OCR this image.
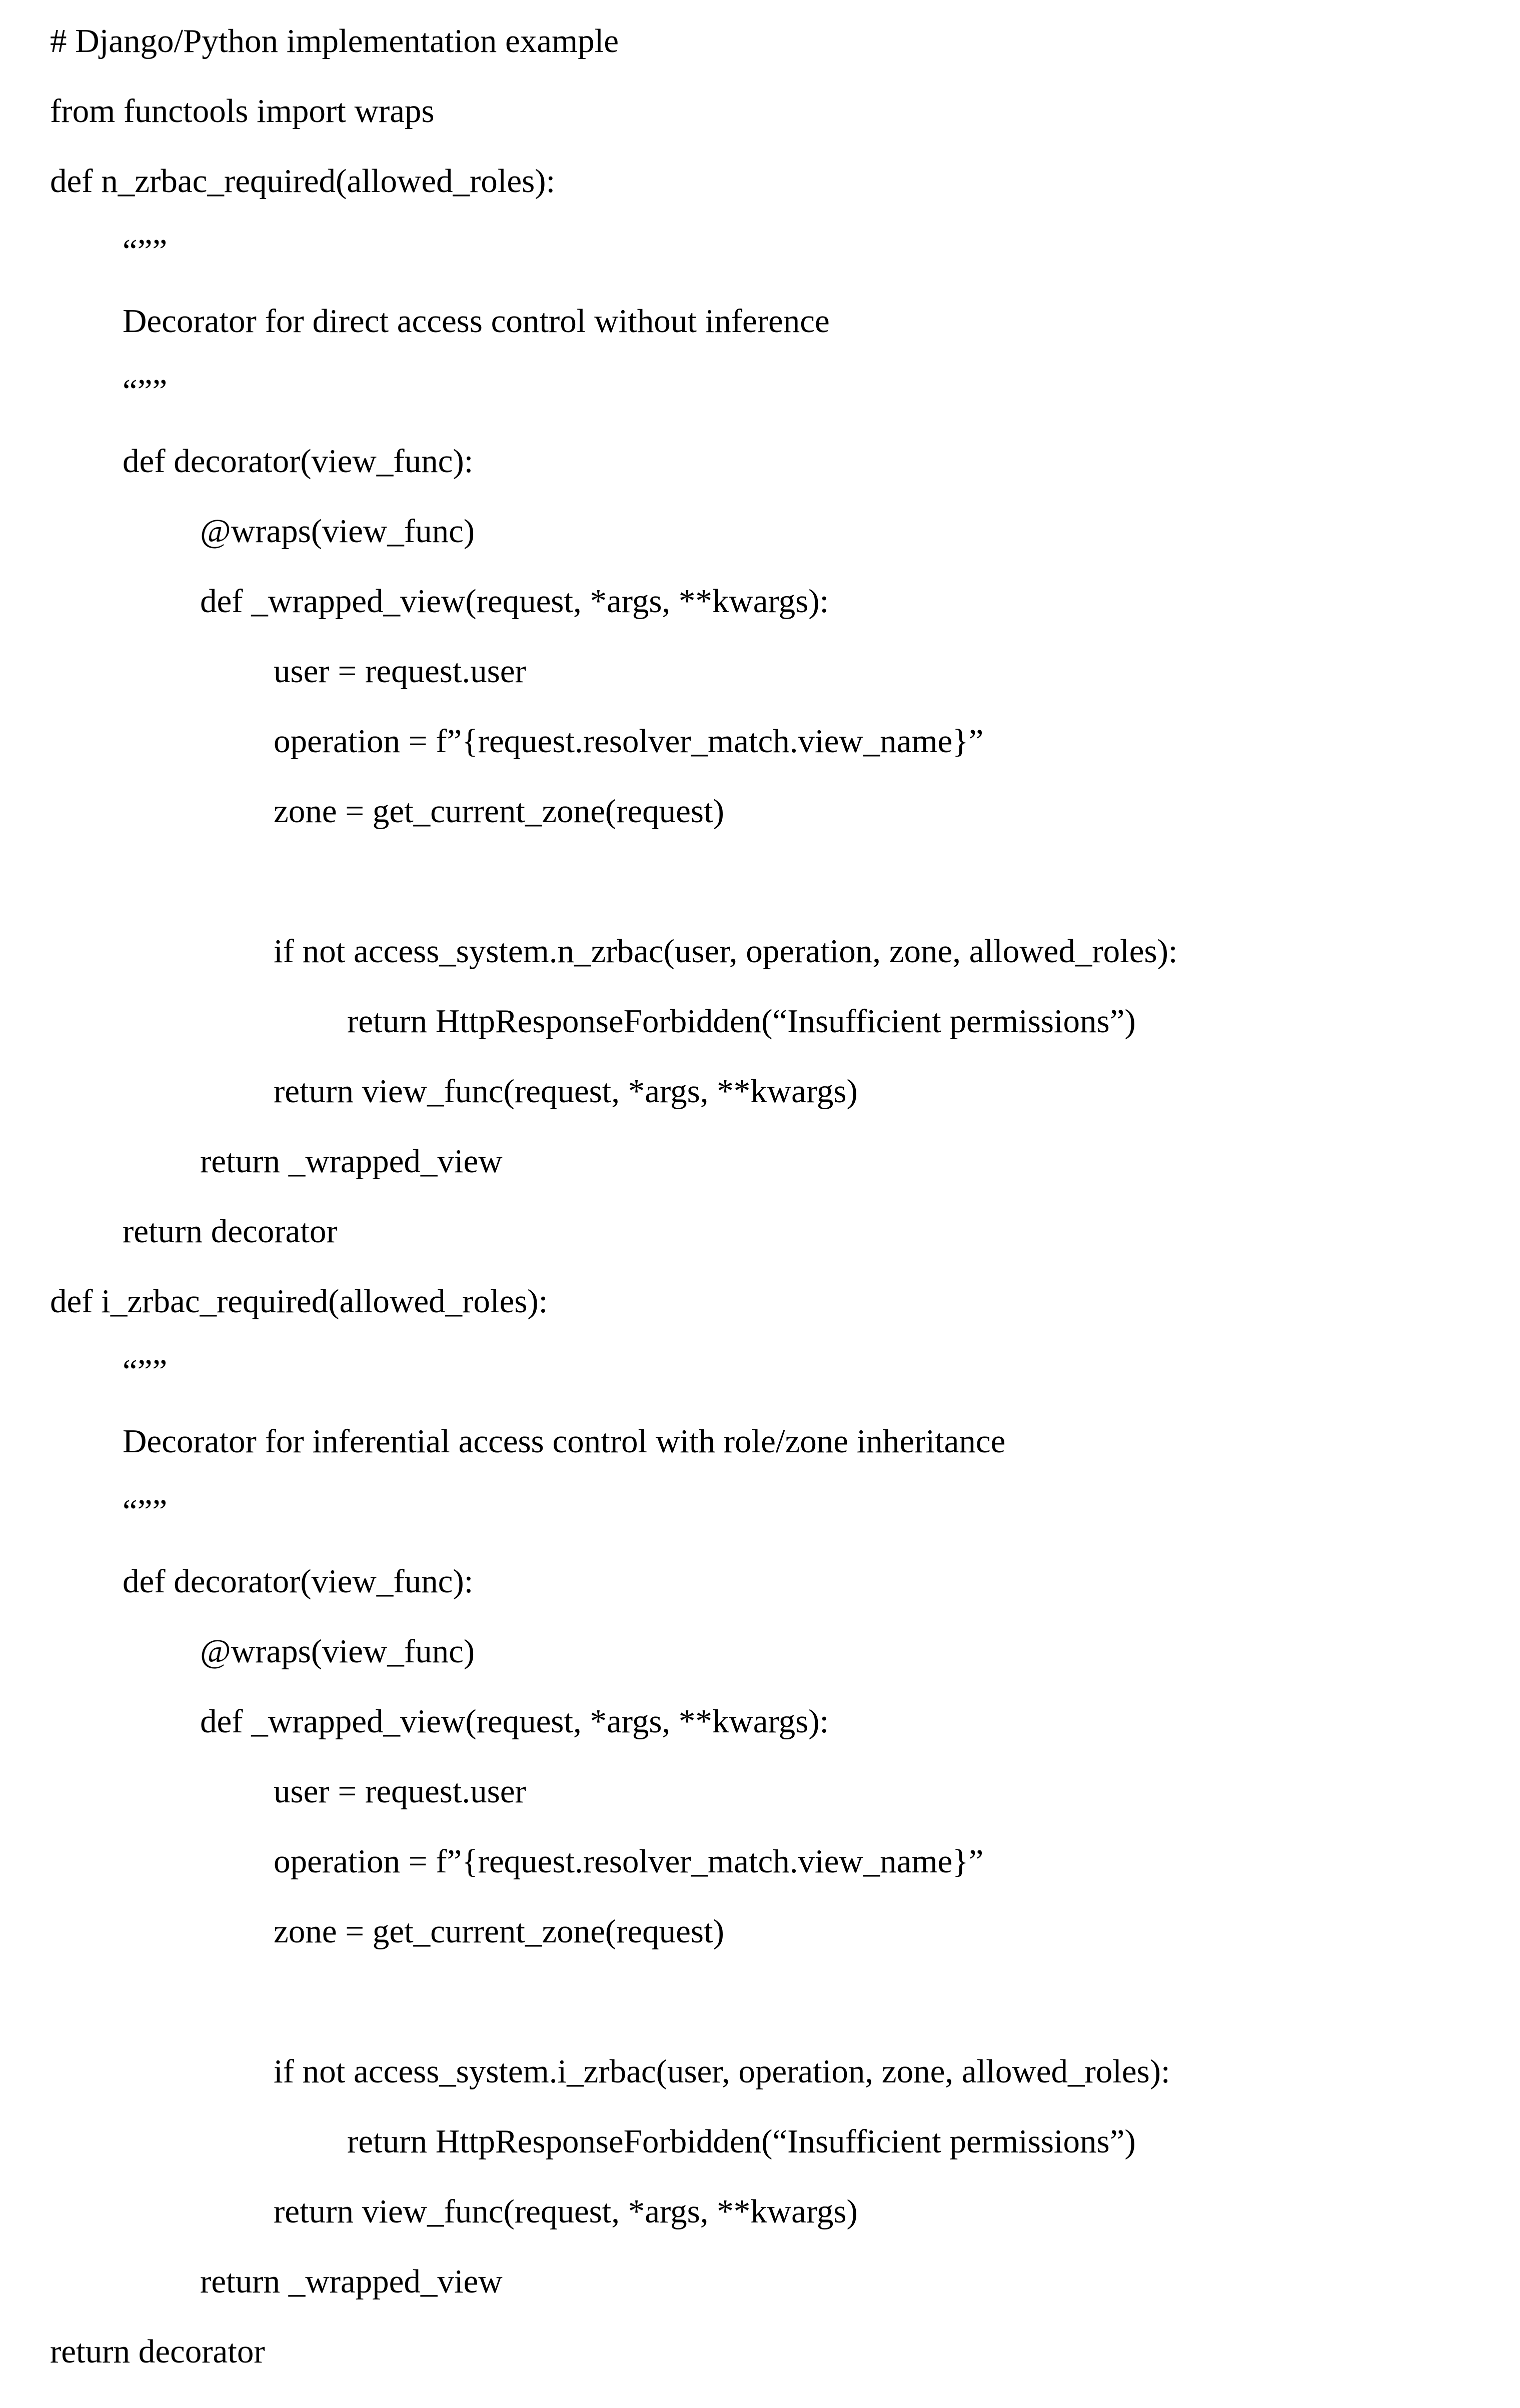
# Django/Python implementation example
from functools import wraps
def n_zrbac_required(allowed_roles):
“””
Decorator for direct access control without inference
“””
def decorator(view_func):
@wraps(view_func)
def _wrapped_view(request, *args, **kwargs):
user = request.user
operation = f”{request.resolver_match.view_name}”
zone = get_current_zone(request)
if not access_system.n_zrbac(user, operation, zone, allowed_roles):
return HttpResponseForbidden(“Insufficient permissions”)
return view_func(request, *args, **kwargs)
return _wrapped_view
return decorator
def i_zrbac_required(allowed_roles):
“””
Decorator for inferential access control with role/zone inheritance
“””
def decorator(view_func):
@wraps(view_func)
def _wrapped_view(request, *args, **kwargs):
user = request.user
operation = f”{request.resolver_match.view_name}”
zone = get_current_zone(request)
if not access_system.i_zrbac(user, operation, zone, allowed_roles):
return HttpResponseForbidden(“Insufficient permissions”)
return view_func(request, *args, **kwargs)
return _wrapped_view
return decorator
